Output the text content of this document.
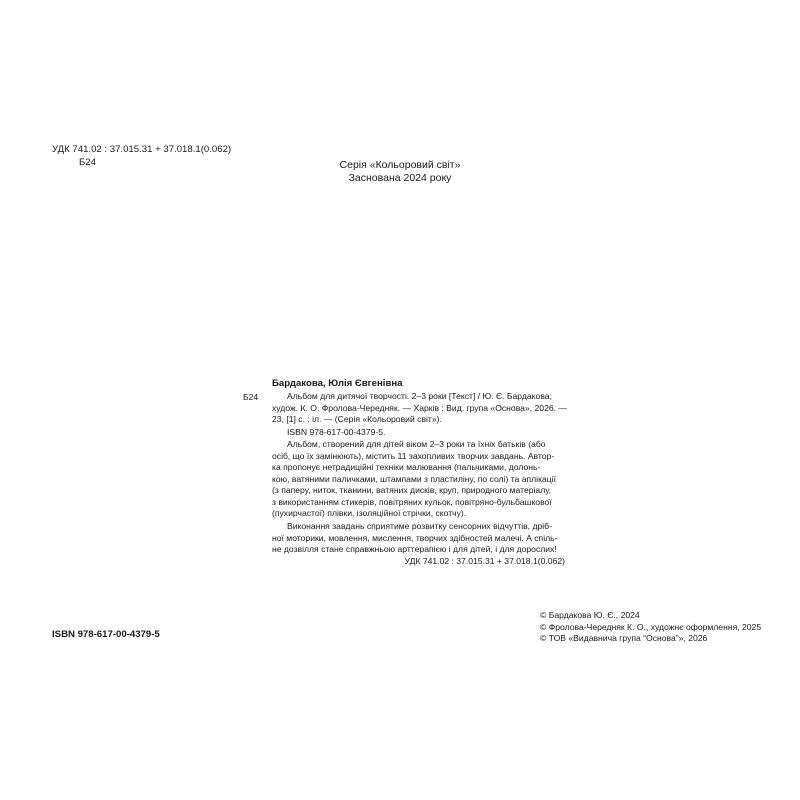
УДК 741.02 : 37.015.31 + 37.018.1(0.062)
Б24	Серія «Кольоровий світ»
Заснована 2024 року
Бардакова, Юлія Євгенівна
Б24	Альбом для дитячої творчості. 2–3 роки [Текст] / Ю. Є. Бардакова;
худож. К. О. Фролова-Чередняк. — Харків : Вид. група «Основа», 2026. —
23, [1] с. : іл. — (Серія «Кольоровий світ»).
ISBN 978-617-00-4379-5.
Альбом, створений для дітей віком 2–3 роки та їхніх батьків (або
осіб, що їх замінюють), містить 11 захопливих творчих завдань. Автор-
ка пропонує нетрадиційні техніки малювання (пальчиками, долонь-
кою, ватяними паличками, штампами з пластиліну, по солі) та аплікації
(з паперу, ниток, тканини, ватяних дисків, круп, природного матеріалу,
з використанням стикерів, повітряних кульок, повітряно-бульбашкової
(пухирчастої) плівки, ізоляційної стрічки, скотчу).
Виконання завдань сприятиме розвитку сенсорних відчуттів, дріб-
ної моторики, мовлення, мислення, творчих здібностей малечі. А спіль-
не дозвілля стане справжньою арттерапією і для дітей, і для дорослих!
УДК 741.02 : 37.015.31 + 37.018.1(0.062)
ISBN 978-617-00-4379-5
© Бардакова Ю. Є., 2024
© Фролова-Чередняк К. О., художнє оформлення, 2025
© ТОВ «Видавнича група “Основа”», 2026
